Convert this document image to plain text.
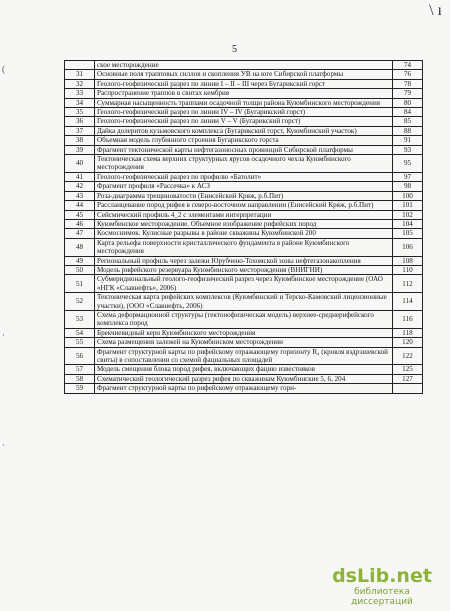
\ ı
5
(
·
·
	ское месторождение	74
31	Основные поля трапповых силлов и скопления УВ на юге Сибирской платформы	76
32	Геолого-геофизический разрез по линии I – II – III через Бугарикский горст	78
33	Распространение траппов в свитах кембрия	79
34	Суммарная насыщенность траппами осадочной толщи района Куюмбинского месторождения	80
35	Геолого-геофизический разрез по линии IV – IV (Бугарикский горст)	84
36	Геолого-геофизический разрез по линии V – V (Бугарикский горст)	85
37	Дайка долеритов кузьмовского комплекса (Бугарикский горст, Куюмбинский участок)	88
38	Объемная модель глубинного строения Бугарикского горста	91
39	Фрагмент тектонической карты нефтегазоносных провинций Сибирской платформы	93
40	Тектоническая схема верхних структурных ярусов осадочного чехла Куюмбинского месторождения	95
41	Геолого-геофизический разрез по профилю «Батолит»	97
42	Фрагмент профиля «Рассечка» к АСЗ	98
43	Роза-диаграмма трещиноватости (Енисейский Кряж, р.б.Пит)	100
44	Рассланцевание пород рифея в северо-восточном направлении (Енисейский Кряж, р.б.Пит)	101
45	Сейсмический профиль 4_2 с элементами интерпретации	102
46	Куюмбинское месторождение. Объемное изображение рифейских пород	104
47	Космоснимок. Кулисные разрывы в районе скважины Куюмбинской 200	105
48	Карта рельефа поверхности кристаллического фундамента в районе Куюмбинского месторождения	106
49	Региональный профиль через залежи Юрубчено-Тохомской зоны нефтегазонакопления	108
50	Модель рифейского резервуара Куюмбинского месторождения (ВНИГНИ)	110
51	Субмеридиональный геолого-геофизический разрез через Куюмбинское месторождение (ОАО «НГК «Славнефть», 2006)	112
52	Тектоническая карта рифейских комплексов (Куюмбинский и Терско-Камовский лицензионные участки), (ООО «Славнефть, 2006)	114
53	Схема деформационной структуры (тектонофизическая модель) верхнее-среднерифейского комплекса пород	116
54	Брекчиевидный керн Куюмбинского месторождения	118
55	Схема размещения залежей на Куюмбинском месторождении	120
56	Фрагмент структурной карты по рифейскому отражающему горизонту R₄ (кровля вэдрэшевской свиты) в сопоставлении со схемой фациальных площадей	122
57	Модель смещения блока пород рифея, включающих фацию известняков	125
58	Схематический геологический разрез рифея по скважинам Куюмбинские 5, 6, 204	127
59	Фрагмент структурной карты по рифейскому отражающему гори-	
dsLib.net
библиотека диссертаций
